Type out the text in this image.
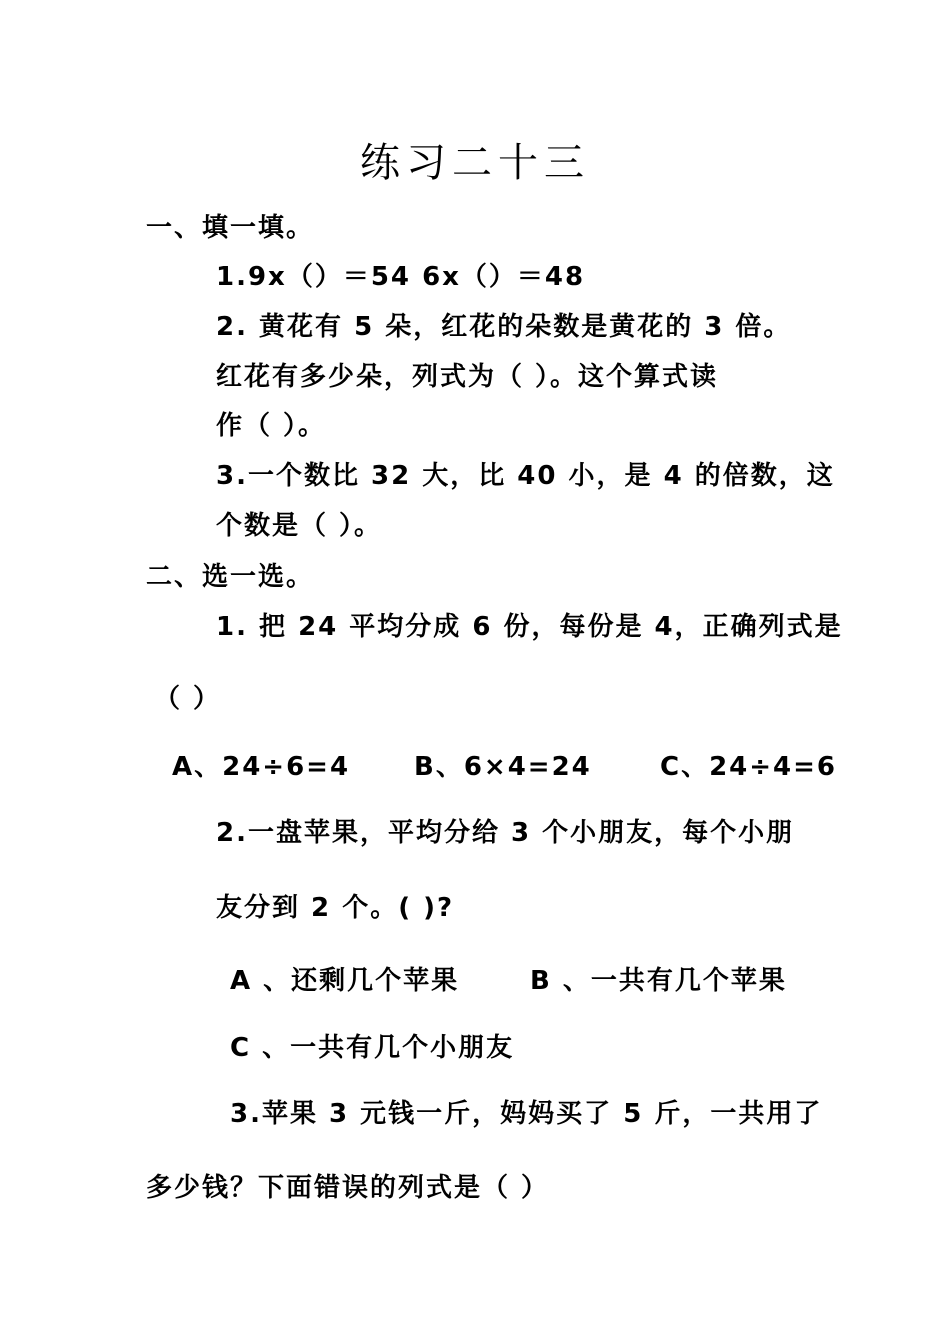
练习二十三
一、填一填。
1.9x（）＝54 6x（）＝48
2. 黄花有 5 朵，红花的朵数是黄花的 3 倍。
红花有多少朵，列式为（ ）。这个算式读
作（ ）。
3.一个数比 32 大，比 40 小，是 4 的倍数，这
个数是（ ）。
二、选一选。
1. 把 24 平均分成 6 份，每份是 4，正确列式是
（ ）
A、24÷6=4 B、6×4=24	C、24÷4=6
2.一盘苹果，平均分给 3 个小朋友，每个小朋
友分到 2 个。( )?
A 、还剩几个苹果	B 、一共有几个苹果
C 、一共有几个小朋友
3.苹果 3 元钱一斤，妈妈买了 5 斤，一共用了
多少钱？下面错误的列式是（ ）
